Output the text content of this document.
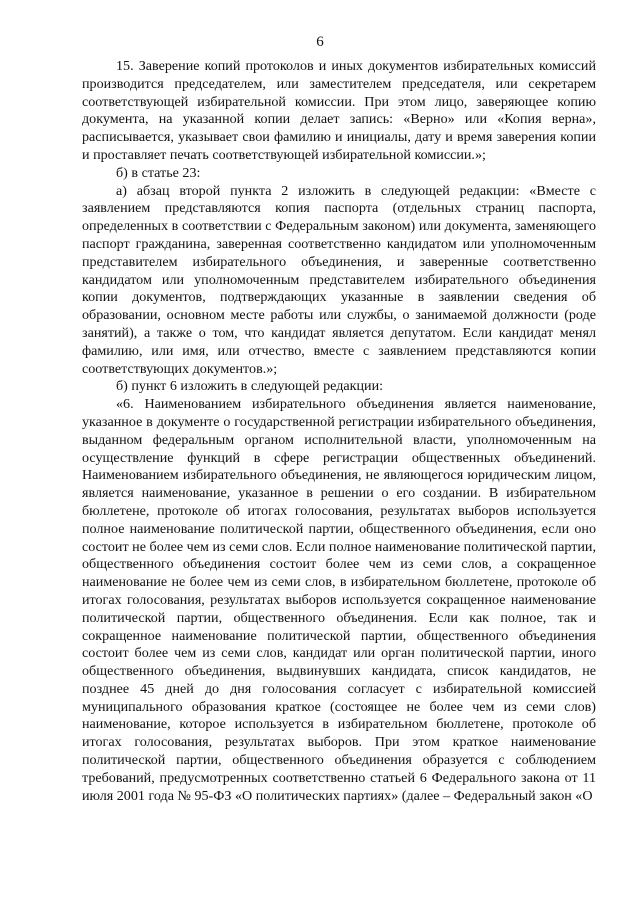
6

15. Заверение копий протоколов и иных документов избирательных комиссий производится председателем, или заместителем председателя, или секретарем соответствующей избирательной комиссии. При этом лицо, заверяющее копию документа, на указанной копии делает запись: «Верно» или «Копия верна», расписывается, указывает свои фамилию и инициалы, дату и время заверения копии и проставляет печать соответствующей избирательной комиссии.»;

б) в статье 23:

а) абзац второй пункта 2 изложить в следующей редакции: «Вместе с заявлением представляются копия паспорта (отдельных страниц паспорта, определенных в соответствии с Федеральным законом) или документа, заменяющего паспорт гражданина, заверенная соответственно кандидатом или уполномоченным представителем избирательного объединения, и заверенные соответственно кандидатом или уполномоченным представителем избирательного объединения копии документов, подтверждающих указанные в заявлении сведения об образовании, основном месте работы или службы, о занимаемой должности (роде занятий), а также о том, что кандидат является депутатом. Если кандидат менял фамилию, или имя, или отчество, вместе с заявлением представляются копии соответствующих документов.»;

б) пункт 6 изложить в следующей редакции:

«6. Наименованием избирательного объединения является наименование, указанное в документе о государственной регистрации избирательного объединения, выданном федеральным органом исполнительной власти, уполномоченным на осуществление функций в сфере регистрации общественных объединений. Наименованием избирательного объединения, не являющегося юридическим лицом, является наименование, указанное в решении о его создании. В избирательном бюллетене, протоколе об итогах голосования, результатах выборов используется полное наименование политической партии, общественного объединения, если оно состоит не более чем из семи слов. Если полное наименование политической партии, общественного объединения состоит более чем из семи слов, а сокращенное наименование не более чем из семи слов, в избирательном бюллетене, протоколе об итогах голосования, результатах выборов используется сокращенное наименование политической партии, общественного объединения. Если как полное, так и сокращенное наименование политической партии, общественного объединения состоит более чем из семи слов, кандидат или орган политической партии, иного общественного объединения, выдвинувших кандидата, список кандидатов, не позднее 45 дней до дня голосования согласует с избирательной комиссией муниципального образования краткое (состоящее не более чем из семи слов) наименование, которое используется в избирательном бюллетене, протоколе об итогах голосования, результатах выборов. При этом краткое наименование политической партии, общественного объединения образуется с соблюдением требований, предусмотренных соответственно статьей 6 Федерального закона от 11 июля 2001 года № 95-ФЗ «О политических партиях» (далее – Федеральный закон «О
